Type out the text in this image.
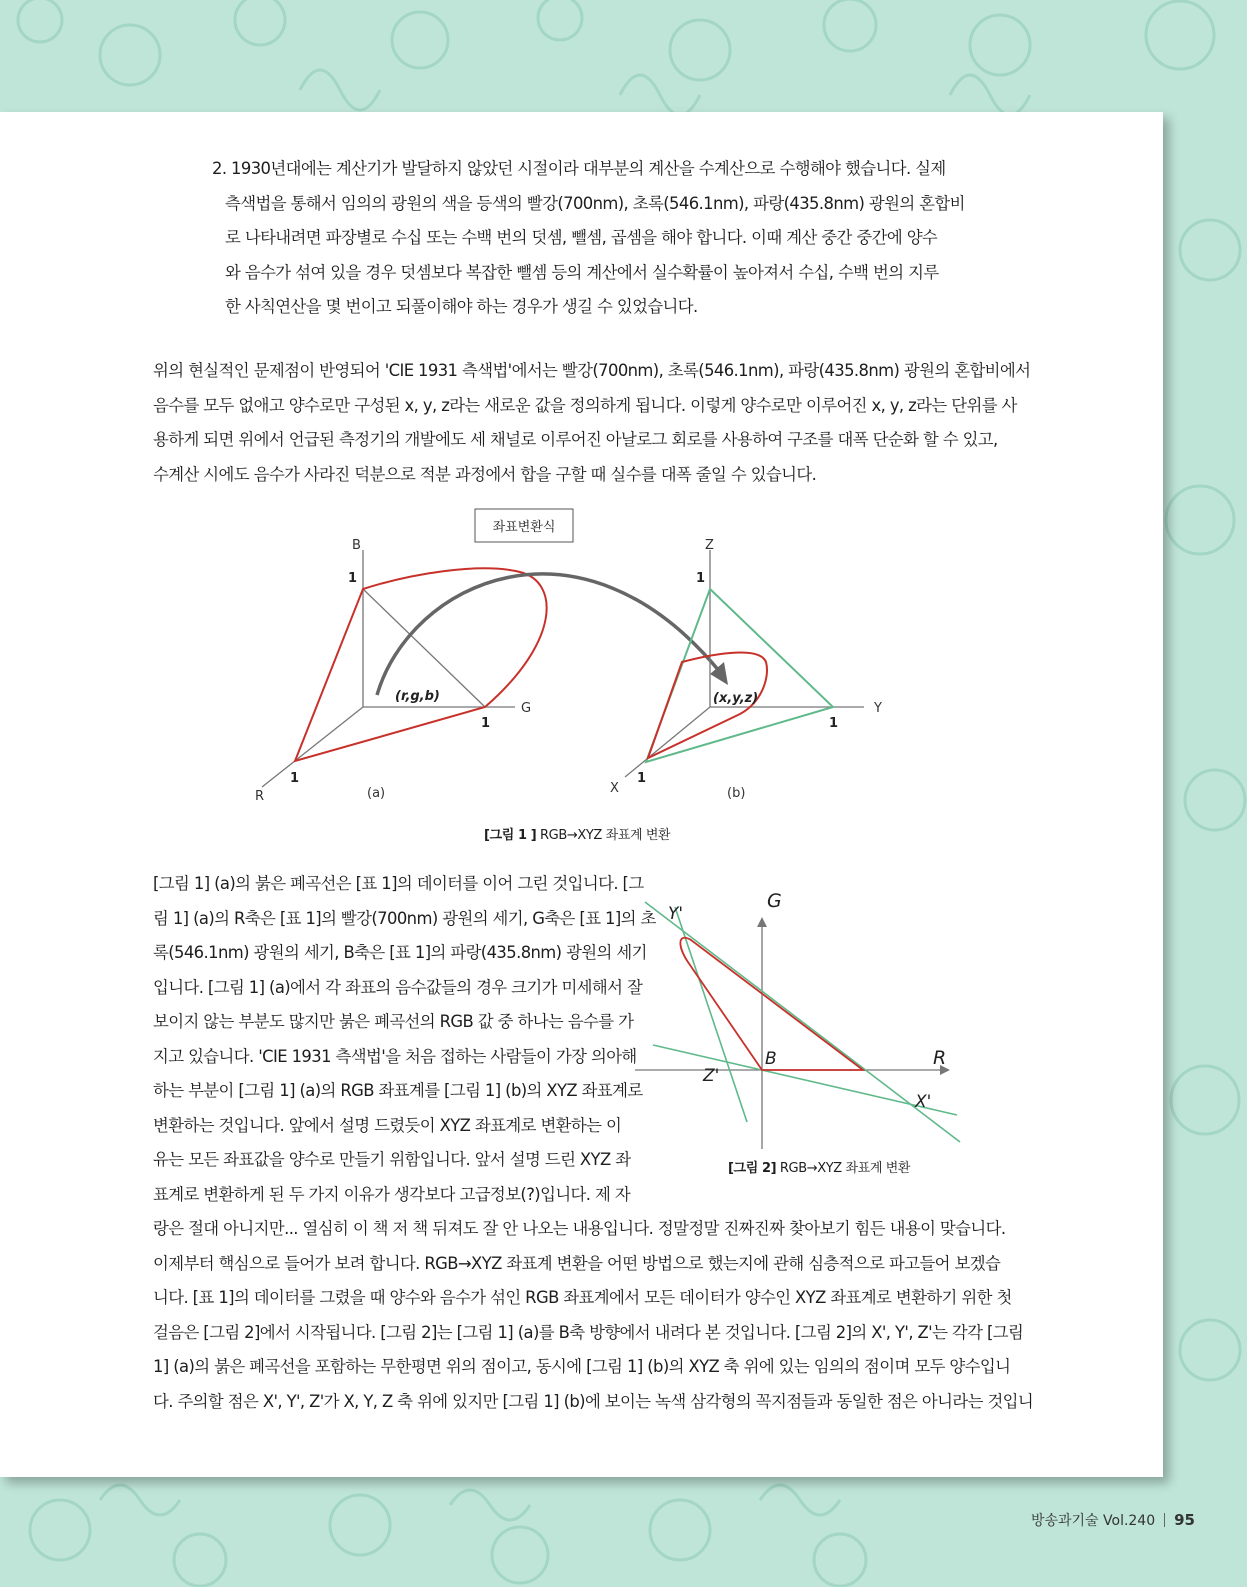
2. 1930년대에는 계산기가 발달하지 않았던 시절이라 대부분의 계산을 수계산으로 수행해야 했습니다. 실제
측색법을 통해서 임의의 광원의 색을 등색의 빨강(700nm), 초록(546.1nm), 파랑(435.8nm) 광원의 혼합비
로 나타내려면 파장별로 수십 또는 수백 번의 덧셈, 뺄셈, 곱셈을 해야 합니다. 이때 계산 중간 중간에 양수
와 음수가 섞여 있을 경우 덧셈보다 복잡한 뺄셈 등의 계산에서 실수확률이 높아져서 수십, 수백 번의 지루
한 사칙연산을 몇 번이고 되풀이해야 하는 경우가 생길 수 있었습니다.
위의 현실적인 문제점이 반영되어 'CIE 1931 측색법'에서는 빨강(700nm), 초록(546.1nm), 파랑(435.8nm) 광원의 혼합비에서
음수를 모두 없애고 양수로만 구성된 x, y, z라는 새로운 값을 정의하게 됩니다. 이렇게 양수로만 이루어진 x, y, z라는 단위를 사
용하게 되면 위에서 언급된 측정기의 개발에도 세 채널로 이루어진 아날로그 회로를 사용하여 구조를 대폭 단순화 할 수 있고,
수계산 시에도 음수가 사라진 덕분으로 적분 과정에서 합을 구할 때 실수를 대폭 줄일 수 있습니다.
좌표변환식
B
G
R
1
1
1
(r,g,b)
(a)
Z
Y
X
1
1
1
(x,y,z)
(b)
[그림 1 ] RGB→XYZ 좌표계 변환
G
R
B
X'
Y'
Z'
[그림 2] RGB→XYZ 좌표계 변환
[그림 1] (a)의 붉은 폐곡선은 [표 1]의 데이터를 이어 그린 것입니다. [그
림 1] (a)의 R축은 [표 1]의 빨강(700nm) 광원의 세기, G축은 [표 1]의 초
록(546.1nm) 광원의 세기, B축은 [표 1]의 파랑(435.8nm) 광원의 세기
입니다. [그림 1] (a)에서 각 좌표의 음수값들의 경우 크기가 미세해서 잘
보이지 않는 부분도 많지만 붉은 폐곡선의 RGB 값 중 하나는 음수를 가
지고 있습니다. 'CIE 1931 측색법'을 처음 접하는 사람들이 가장 의아해
하는 부분이 [그림 1] (a)의 RGB 좌표계를 [그림 1] (b)의 XYZ 좌표계로
변환하는 것입니다. 앞에서 설명 드렸듯이 XYZ 좌표계로 변환하는 이
유는 모든 좌표값을 양수로 만들기 위함입니다. 앞서 설명 드린 XYZ 좌
표계로 변환하게 된 두 가지 이유가 생각보다 고급정보(?)입니다. 제 자
랑은 절대 아니지만... 열심히 이 책 저 책 뒤져도 잘 안 나오는 내용입니다. 정말정말 진짜진짜 찾아보기 힘든 내용이 맞습니다.
이제부터 핵심으로 들어가 보려 합니다. RGB→XYZ 좌표계 변환을 어떤 방법으로 했는지에 관해 심층적으로 파고들어 보겠습
니다. [표 1]의 데이터를 그렸을 때 양수와 음수가 섞인 RGB 좌표계에서 모든 데이터가 양수인 XYZ 좌표계로 변환하기 위한 첫
걸음은 [그림 2]에서 시작됩니다. [그림 2]는 [그림 1] (a)를 B축 방향에서 내려다 본 것입니다. [그림 2]의 X', Y', Z'는 각각 [그림
1] (a)의 붉은 폐곡선을 포함하는 무한평면 위의 점이고, 동시에 [그림 1] (b)의 XYZ 축 위에 있는 임의의 점이며 모두 양수입니
다. 주의할 점은 X', Y', Z'가 X, Y, Z 축 위에 있지만 [그림 1] (b)에 보이는 녹색 삼각형의 꼭지점들과 동일한 점은 아니라는 것입니
방송과기술 Vol.240 95
